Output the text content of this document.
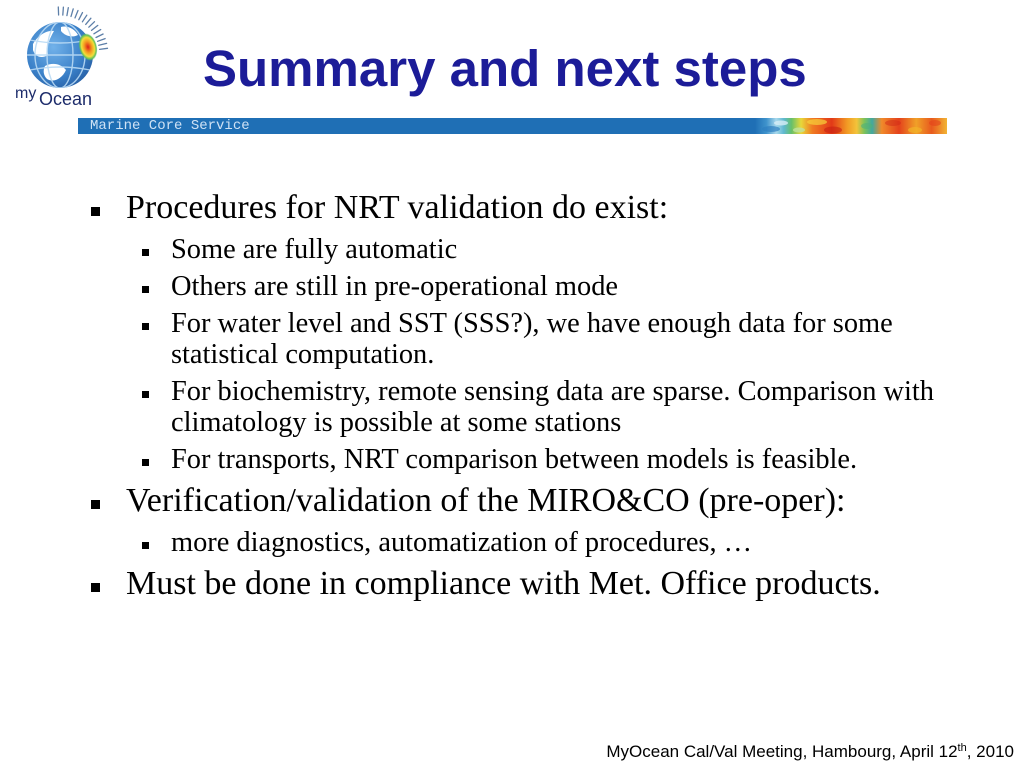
my Ocean
Summary and next steps
Marine Core Service
Procedures for NRT validation do exist:
Some are fully automatic
Others are still in pre-operational mode
For water level and SST (SSS?), we have enough data for some statistical computation.
For biochemistry, remote sensing data are sparse. Comparison with climatology is possible at some stations
For transports, NRT comparison between models is feasible.
Verification/validation of the MIRO&CO (pre-oper):
more diagnostics, automatization of procedures, …
Must be done in compliance with Met. Office products.
MyOcean Cal/Val Meeting, Hambourg, April 12th, 2010
